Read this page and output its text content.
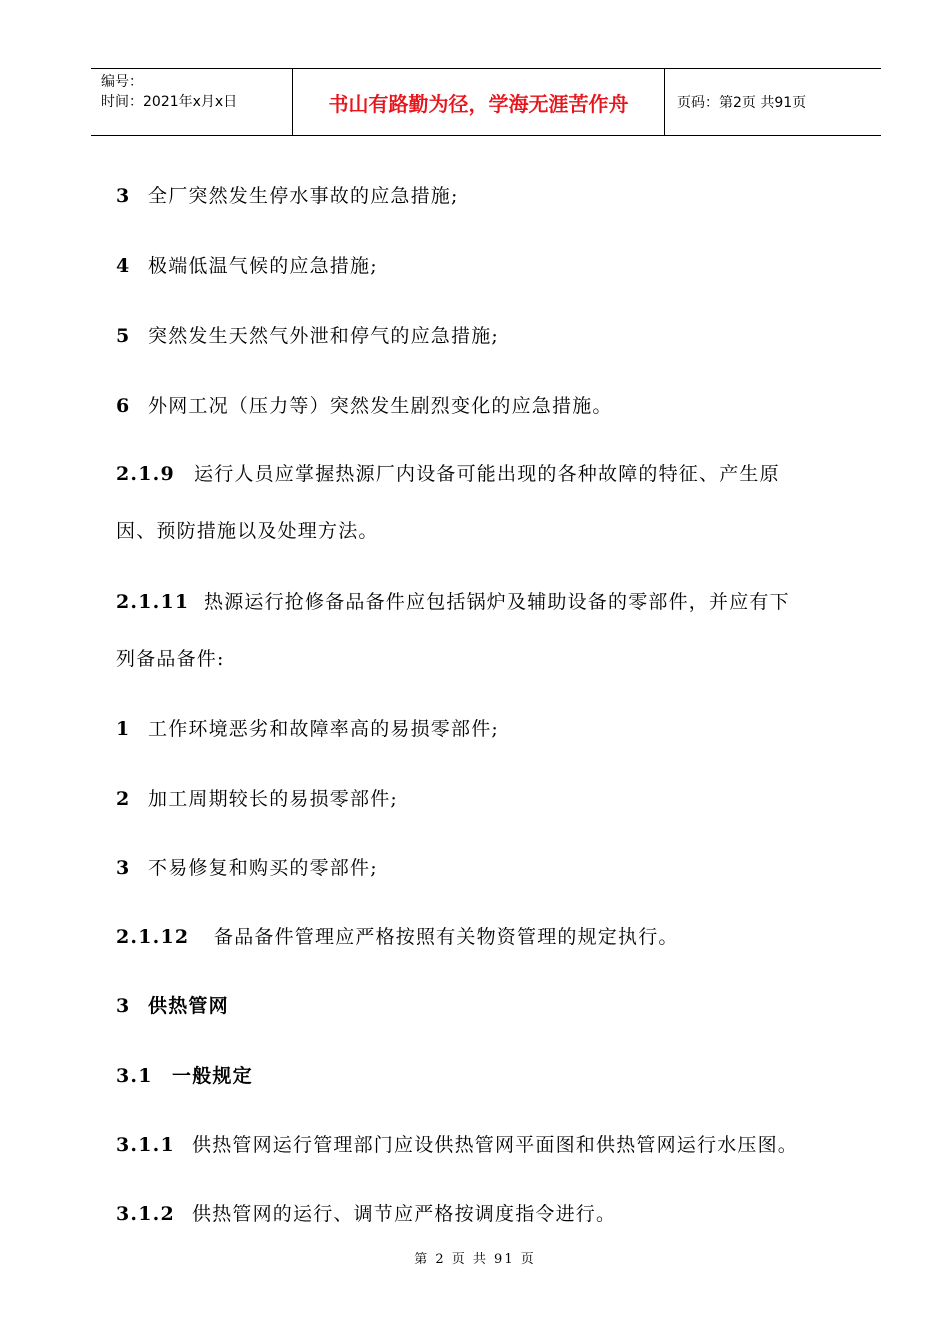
编号：
时间：2021年x月x日	书山有路勤为径，学海无涯苦作舟	页码：第2页 共91页
3 全厂突然发生停水事故的应急措施;
4 极端低温气候的应急措施;
5 突然发生天然气外泄和停气的应急措施;
6 外网工况（压力等）突然发生剧烈变化的应急措施。
2.1.9 运行人员应掌握热源厂内设备可能出现的各种故障的特征、产生原
因、预防措施以及处理方法。
2.1.11 热源运行抢修备品备件应包括锅炉及辅助设备的零部件，并应有下
列备品备件:
1 工作环境恶劣和故障率高的易损零部件;
2 加工周期较长的易损零部件;
3 不易修复和购买的零部件;
2.1.12 备品备件管理应严格按照有关物资管理的规定执行。
3 供热管网
3.1 一般规定
3.1.1 供热管网运行管理部门应设供热管网平面图和供热管网运行水压图。
3.1.2 供热管网的运行、调节应严格按调度指令进行。
第 2 页 共 91 页
